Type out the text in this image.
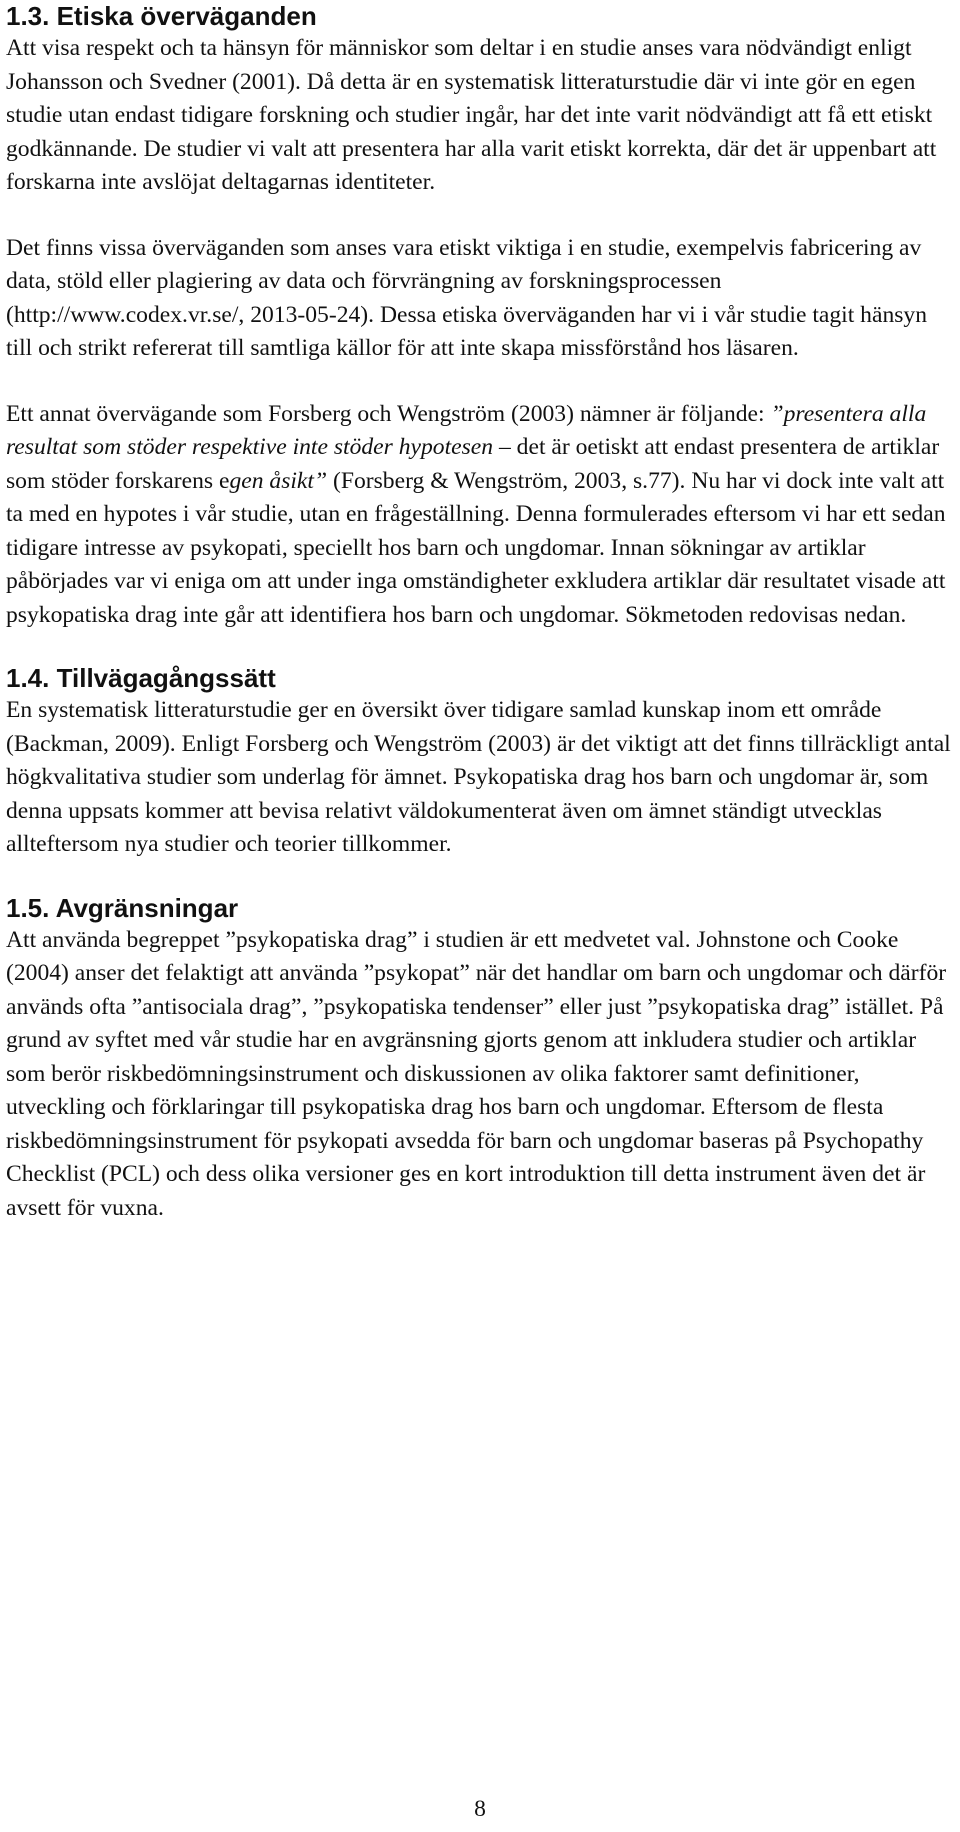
1.3. Etiska överväganden

Att visa respekt och ta hänsyn för människor som deltar i en studie anses vara nödvändigt enligt Johansson och Svedner (2001). Då detta är en systematisk litteraturstudie där vi inte gör en egen studie utan endast tidigare forskning och studier ingår, har det inte varit nödvändigt att få ett etiskt godkännande. De studier vi valt att presentera har alla varit etiskt korrekta, där det är uppenbart att forskarna inte avslöjat deltagarnas identiteter.

Det finns vissa överväganden som anses vara etiskt viktiga i en studie, exempelvis fabricering av data, stöld eller plagiering av data och förvrängning av forskningsprocessen (http://www.codex.vr.se/, 2013-05-24). Dessa etiska överväganden har vi i vår studie tagit hänsyn till och strikt refererat till samtliga källor för att inte skapa missförstånd hos läsaren.

Ett annat övervägande som Forsberg och Wengström (2003) nämner är följande: ”presentera alla resultat som stöder respektive inte stöder hypotesen – det är oetiskt att endast presentera de artiklar som stöder forskarens egen åsikt” (Forsberg & Wengström, 2003, s.77). Nu har vi dock inte valt att ta med en hypotes i vår studie, utan en frågeställning. Denna formulerades eftersom vi har ett sedan tidigare intresse av psykopati, speciellt hos barn och ungdomar. Innan sökningar av artiklar påbörjades var vi eniga om att under inga omständigheter exkludera artiklar där resultatet visade att psykopatiska drag inte går att identifiera hos barn och ungdomar. Sökmetoden redovisas nedan.

1.4. Tillvägagångssätt

En systematisk litteraturstudie ger en översikt över tidigare samlad kunskap inom ett område (Backman, 2009). Enligt Forsberg och Wengström (2003) är det viktigt att det finns tillräckligt antal högkvalitativa studier som underlag för ämnet. Psykopatiska drag hos barn och ungdomar är, som denna uppsats kommer att bevisa relativt väldokumenterat även om ämnet ständigt utvecklas allteftersom nya studier och teorier tillkommer.

1.5. Avgränsningar

Att använda begreppet ”psykopatiska drag” i studien är ett medvetet val. Johnstone och Cooke (2004) anser det felaktigt att använda ”psykopat” när det handlar om barn och ungdomar och därför används ofta ”antisociala drag”, ”psykopatiska tendenser” eller just ”psykopatiska drag” istället. På grund av syftet med vår studie har en avgränsning gjorts genom att inkludera studier och artiklar som berör riskbedömningsinstrument och diskussionen av olika faktorer samt definitioner, utveckling och förklaringar till psykopatiska drag hos barn och ungdomar. Eftersom de flesta riskbedömningsinstrument för psykopati avsedda för barn och ungdomar baseras på Psychopathy Checklist (PCL) och dess olika versioner ges en kort introduktion till detta instrument även det är avsett för vuxna.

8
